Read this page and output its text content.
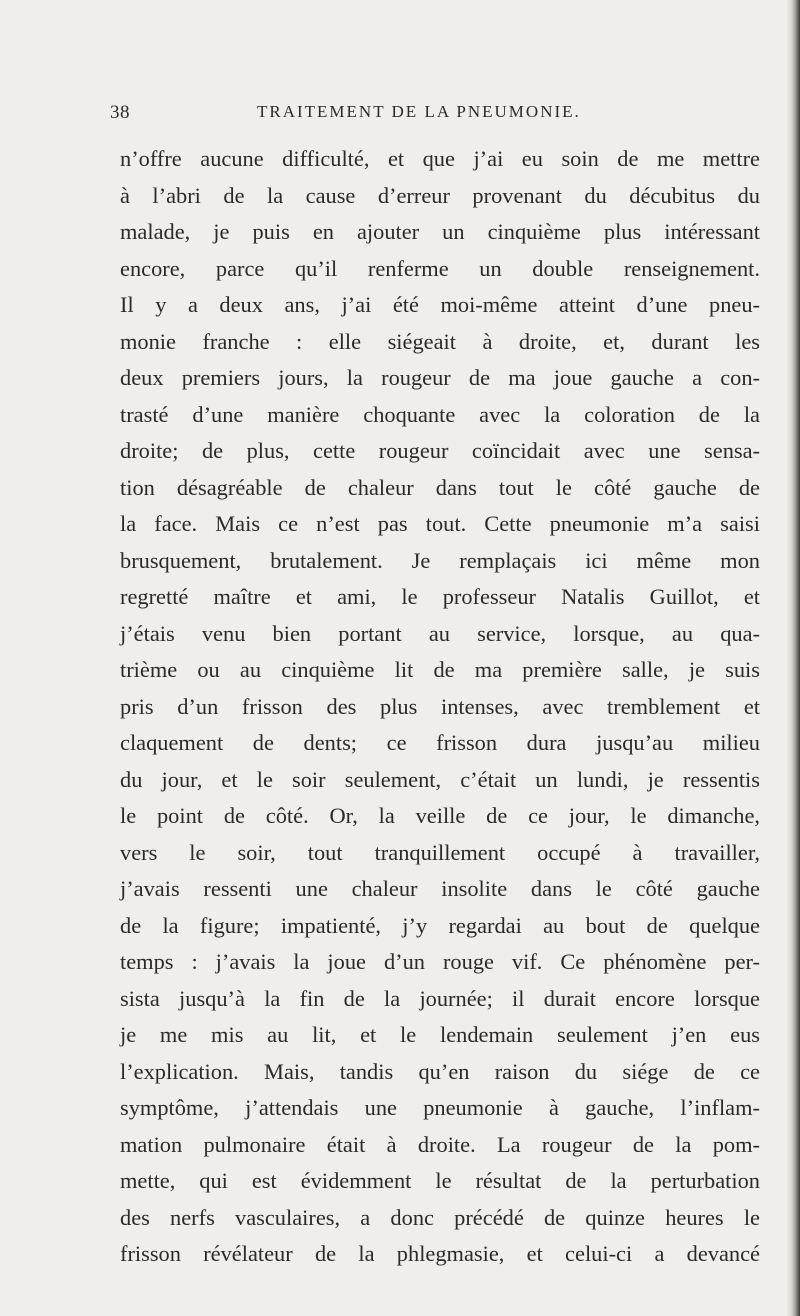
38	TRAITEMENT DE LA PNEUMONIE.
n’offre aucune difficulté, et que j’ai eu soin de me mettre
à l’abri de la cause d’erreur provenant du décubitus du
malade, je puis en ajouter un cinquième plus intéressant
encore, parce qu’il renferme un double renseignement.
Il y a deux ans, j’ai été moi-même atteint d’une pneu-
monie franche : elle siégeait à droite, et, durant les
deux premiers jours, la rougeur de ma joue gauche a con-
trasté d’une manière choquante avec la coloration de la
droite; de plus, cette rougeur coïncidait avec une sensa-
tion désagréable de chaleur dans tout le côté gauche de
la face. Mais ce n’est pas tout. Cette pneumonie m’a saisi
brusquement, brutalement. Je remplaçais ici même mon
regretté maître et ami, le professeur Natalis Guillot, et
j’étais venu bien portant au service, lorsque, au qua-
trième ou au cinquième lit de ma première salle, je suis
pris d’un frisson des plus intenses, avec tremblement et
claquement de dents; ce frisson dura jusqu’au milieu
du jour, et le soir seulement, c’était un lundi, je ressentis
le point de côté. Or, la veille de ce jour, le dimanche,
vers le soir, tout tranquillement occupé à travailler,
j’avais ressenti une chaleur insolite dans le côté gauche
de la figure; impatienté, j’y regardai au bout de quelque
temps : j’avais la joue d’un rouge vif. Ce phénomène per-
sista jusqu’à la fin de la journée; il durait encore lorsque
je me mis au lit, et le lendemain seulement j’en eus
l’explication. Mais, tandis qu’en raison du siége de ce
symptôme, j’attendais une pneumonie à gauche, l’inflam-
mation pulmonaire était à droite. La rougeur de la pom-
mette, qui est évidemment le résultat de la perturbation
des nerfs vasculaires, a donc précédé de quinze heures le
frisson révélateur de la phlegmasie, et celui-ci a devancé
